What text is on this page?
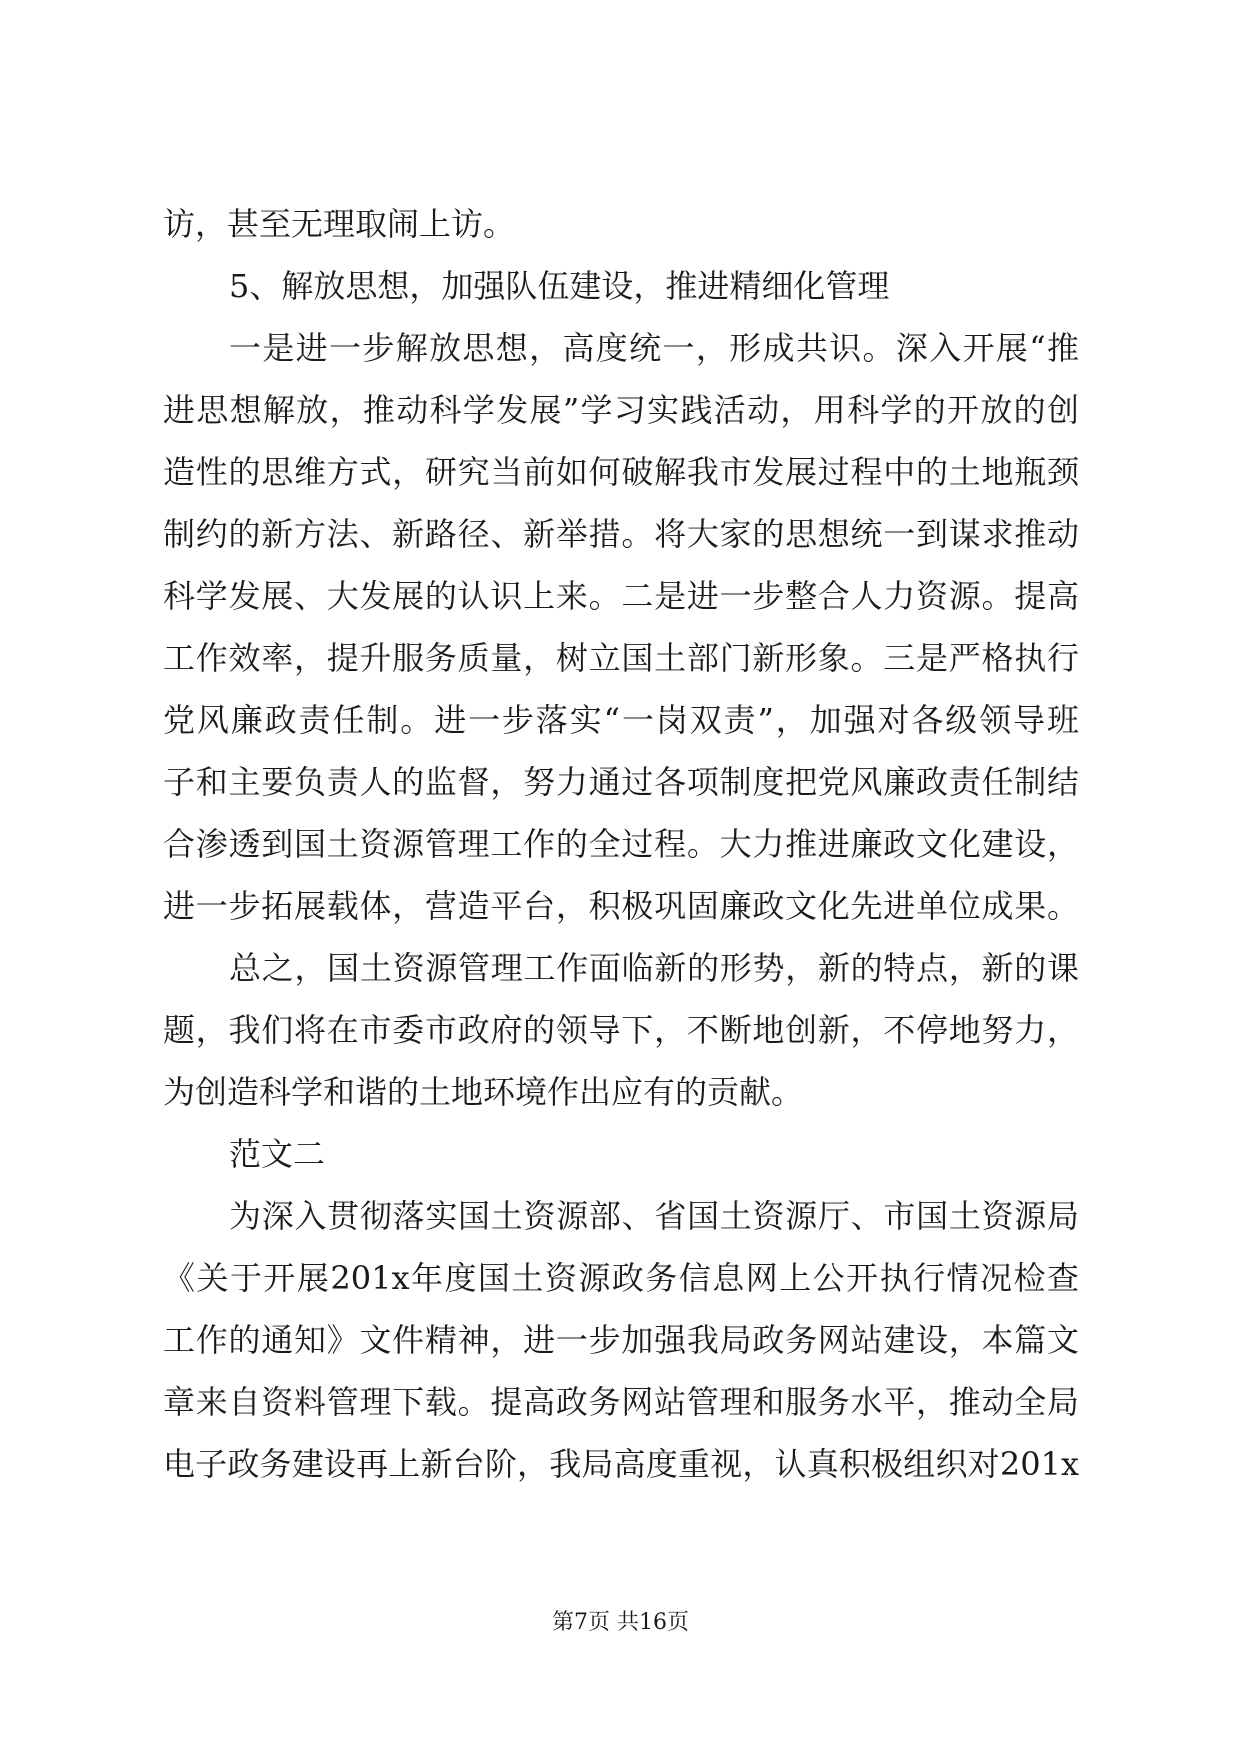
访，甚至无理取闹上访。
5、解放思想，加强队伍建设，推进精细化管理
一是进一步解放思想，高度统一，形成共识。深入开展“推
进思想解放，推动科学发展”学习实践活动，用科学的开放的创
造性的思维方式，研究当前如何破解我市发展过程中的土地瓶颈
制约的新方法、新路径、新举措。将大家的思想统一到谋求推动
科学发展、大发展的认识上来。二是进一步整合人力资源。提高
工作效率，提升服务质量，树立国土部门新形象。三是严格执行
党风廉政责任制。进一步落实“一岗双责”，加强对各级领导班
子和主要负责人的监督，努力通过各项制度把党风廉政责任制结
合渗透到国土资源管理工作的全过程。大力推进廉政文化建设，
进一步拓展载体，营造平台，积极巩固廉政文化先进单位成果。
总之，国土资源管理工作面临新的形势，新的特点，新的课
题，我们将在市委市政府的领导下，不断地创新，不停地努力，
为创造科学和谐的土地环境作出应有的贡献。
范文二
为深入贯彻落实国土资源部、省国土资源厅、市国土资源局
《关于开展201x年度国土资源政务信息网上公开执行情况检查
工作的通知》文件精神，进一步加强我局政务网站建设，本篇文
章来自资料管理下载。提高政务网站管理和服务水平，推动全局
电子政务建设再上新台阶，我局高度重视，认真积极组织对201x
第7页 共16页
